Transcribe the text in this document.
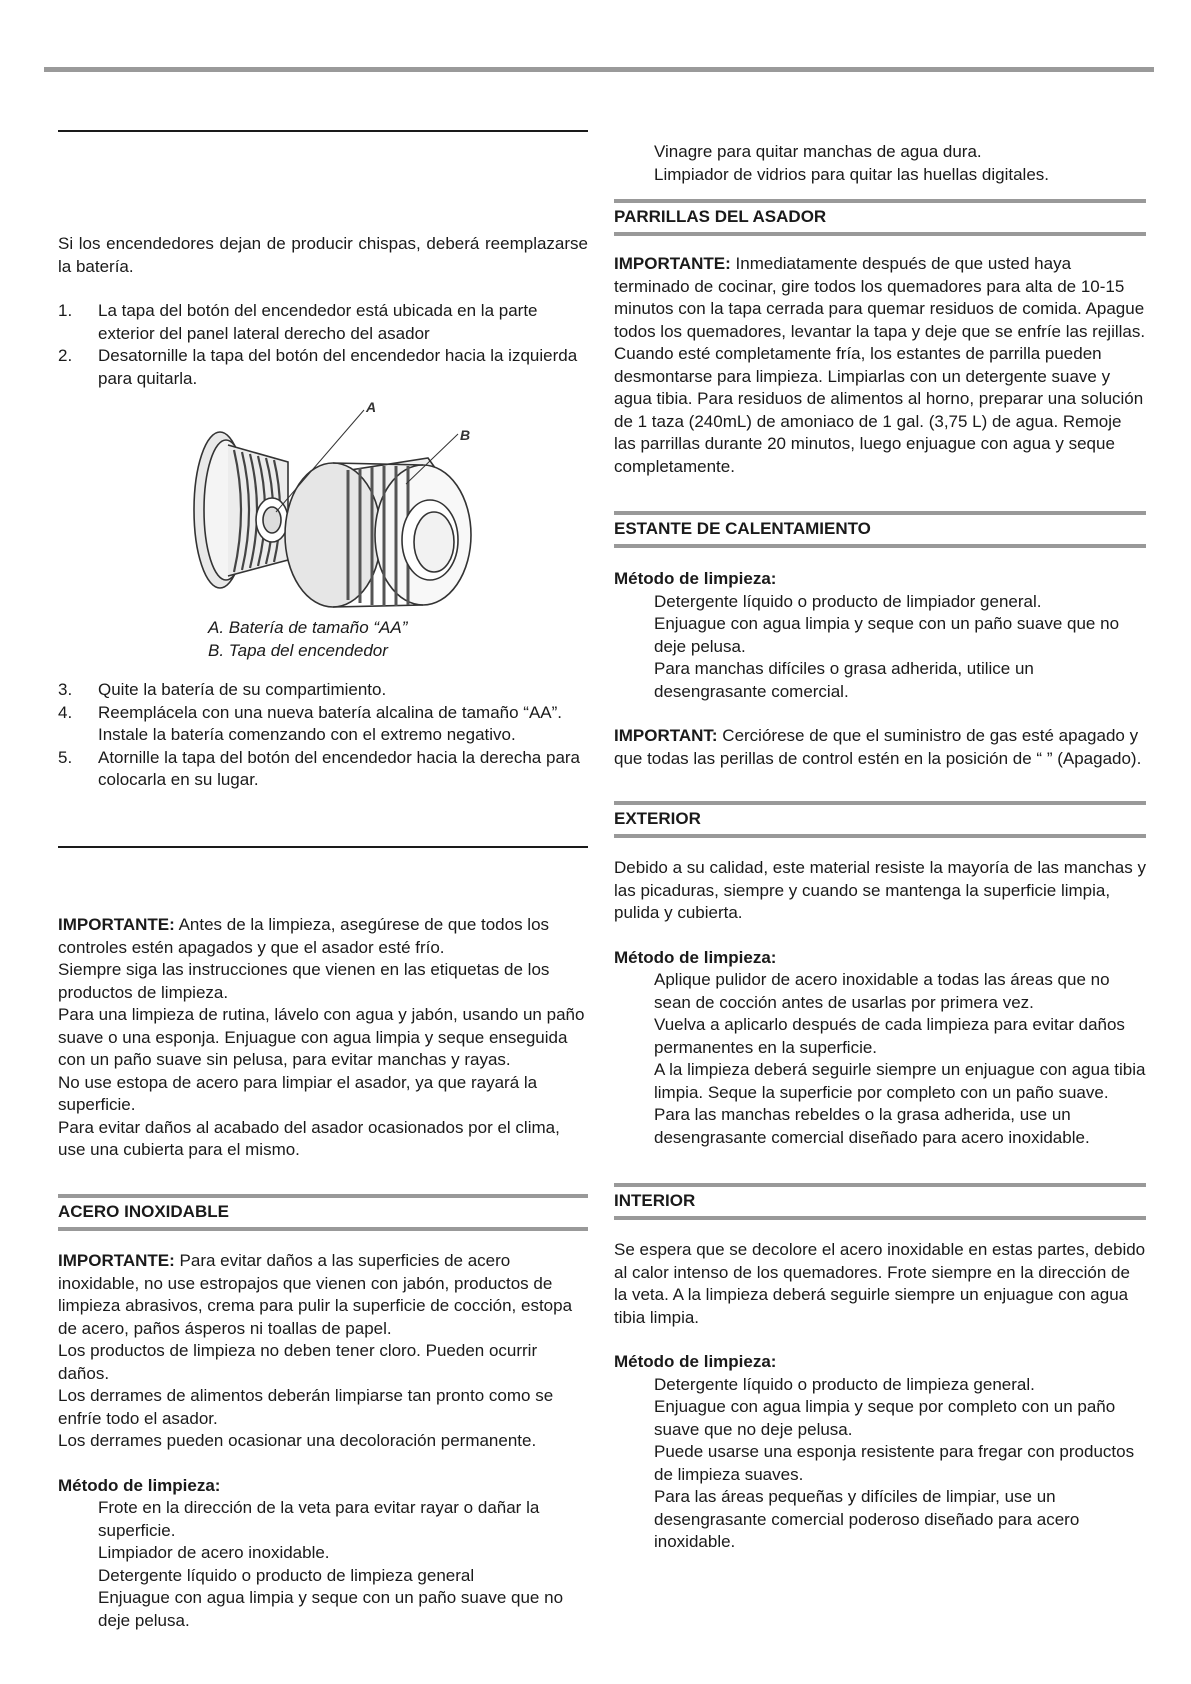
Si los encendedores dejan de producir chispas, deberá reemplazarse la batería.

1. La tapa del botón del encendedor está ubicada en la parte exterior del panel lateral derecho del asador
2. Desatornille la tapa del botón del encendedor hacia la izquierda para quitarla.
A
B
A. Batería de tamaño “AA”
B. Tapa del encendedor
3. Quite la batería de su compartimiento.
4. Reemplácela con una nueva batería alcalina de tamaño “AA”. Instale la batería comenzando con el extremo negativo.
5. Atornille la tapa del botón del encendedor hacia la derecha para colocarla en su lugar.

IMPORTANTE: Antes de la limpieza, asegúrese de que todos los controles estén apagados y que el asador esté frío.

Siempre siga las instrucciones que vienen en las etiquetas de los productos de limpieza.

Para una limpieza de rutina, lávelo con agua y jabón, usando un paño suave o una esponja. Enjuague con agua limpia y seque enseguida con un paño suave sin pelusa, para evitar manchas y rayas.

No use estopa de acero para limpiar el asador, ya que rayará la superficie.

Para evitar daños al acabado del asador ocasionados por el clima, use una cubierta para el mismo.

ACERO INOXIDABLE

IMPORTANTE: Para evitar daños a las superficies de acero inoxidable, no use estropajos que vienen con jabón, productos de limpieza abrasivos, crema para pulir la superficie de cocción, estopa de acero, paños ásperos ni toallas de papel.

Los productos de limpieza no deben tener cloro. Pueden ocurrir daños.

Los derrames de alimentos deberán limpiarse tan pronto como se enfríe todo el asador.

Los derrames pueden ocasionar una decoloración permanente.

Método de limpieza:

Frote en la dirección de la veta para evitar rayar o dañar la superficie.

Limpiador de acero inoxidable.

Detergente líquido o producto de limpieza general

Enjuague con agua limpia y seque con un paño suave que no deje pelusa.

Vinagre para quitar manchas de agua dura.

Limpiador de vidrios para quitar las huellas digitales.

PARRILLAS DEL ASADOR

IMPORTANTE: Inmediatamente después de que usted haya terminado de cocinar, gire todos los quemadores para alta de 10-15 minutos con la tapa cerrada para quemar residuos de comida. Apague todos los quemadores, levantar la tapa y deje que se enfríe las rejillas. Cuando esté completamente fría, los estantes de parrilla pueden desmontarse para limpieza. Limpiarlas con un detergente suave y agua tibia. Para residuos de alimentos al horno, preparar una solución de 1 taza (240mL) de amoniaco de 1 gal. (3,75 L) de agua. Remoje las parrillas durante 20 minutos, luego enjuague con agua y seque completamente.

ESTANTE DE CALENTAMIENTO

Método de limpieza:

Detergente líquido o producto de limpiador general.

Enjuague con agua limpia y seque con un paño suave que no deje pelusa.

Para manchas difíciles o grasa adherida, utilice un desengrasante comercial.

IMPORTANT: Cerciórese de que el suministro de gas esté apagado y que todas las perillas de control estén en la posición de “ ” (Apagado).

EXTERIOR

Debido a su calidad, este material resiste la mayoría de las manchas y las picaduras, siempre y cuando se mantenga la superficie limpia, pulida y cubierta.

Método de limpieza:

Aplique pulidor de acero inoxidable a todas las áreas que no sean de cocción antes de usarlas por primera vez.

Vuelva a aplicarlo después de cada limpieza para evitar daños permanentes en la superficie.

A la limpieza deberá seguirle siempre un enjuague con agua tibia limpia. Seque la superficie por completo con un paño suave.

Para las manchas rebeldes o la grasa adherida, use un desengrasante comercial diseñado para acero inoxidable.

INTERIOR

Se espera que se decolore el acero inoxidable en estas partes, debido al calor intenso de los quemadores. Frote siempre en la dirección de la veta. A la limpieza deberá seguirle siempre un enjuague con agua tibia limpia.

Método de limpieza:

Detergente líquido o producto de limpieza general.

Enjuague con agua limpia y seque por completo con un paño suave que no deje pelusa.

Puede usarse una esponja resistente para fregar con productos de limpieza suaves.

Para las áreas pequeñas y difíciles de limpiar, use un desengrasante comercial poderoso diseñado para acero inoxidable.
